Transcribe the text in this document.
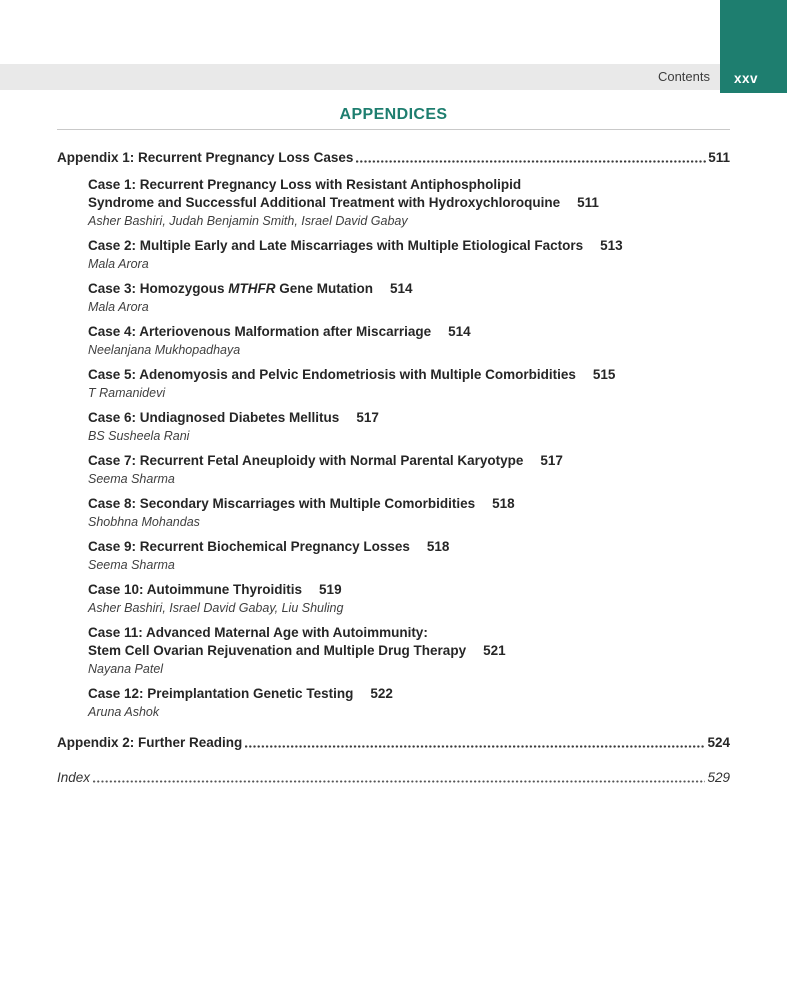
Contents xxv
APPENDICES
Appendix 1: Recurrent Pregnancy Loss Cases	511
Case 1: Recurrent Pregnancy Loss with Resistant Antiphospholipid
Syndrome and Successful Additional Treatment with Hydroxychloroquine 511
Asher Bashiri, Judah Benjamin Smith, Israel David Gabay
Case 2: Multiple Early and Late Miscarriages with Multiple Etiological Factors 513
Mala Arora
Case 3: Homozygous MTHFR Gene Mutation 514
Mala Arora
Case 4: Arteriovenous Malformation after Miscarriage 514
Neelanjana Mukhopadhaya
Case 5: Adenomyosis and Pelvic Endometriosis with Multiple Comorbidities 515
T Ramanidevi
Case 6: Undiagnosed Diabetes Mellitus 517
BS Susheela Rani
Case 7: Recurrent Fetal Aneuploidy with Normal Parental Karyotype 517
Seema Sharma
Case 8: Secondary Miscarriages with Multiple Comorbidities 518
Shobhna Mohandas
Case 9: Recurrent Biochemical Pregnancy Losses 518
Seema Sharma
Case 10: Autoimmune Thyroiditis 519
Asher Bashiri, Israel David Gabay, Liu Shuling
Case 11: Advanced Maternal Age with Autoimmunity:
Stem Cell Ovarian Rejuvenation and Multiple Drug Therapy 521
Nayana Patel
Case 12: Preimplantation Genetic Testing 522
Aruna Ashok
Appendix 2: Further Reading	524
Index	529
